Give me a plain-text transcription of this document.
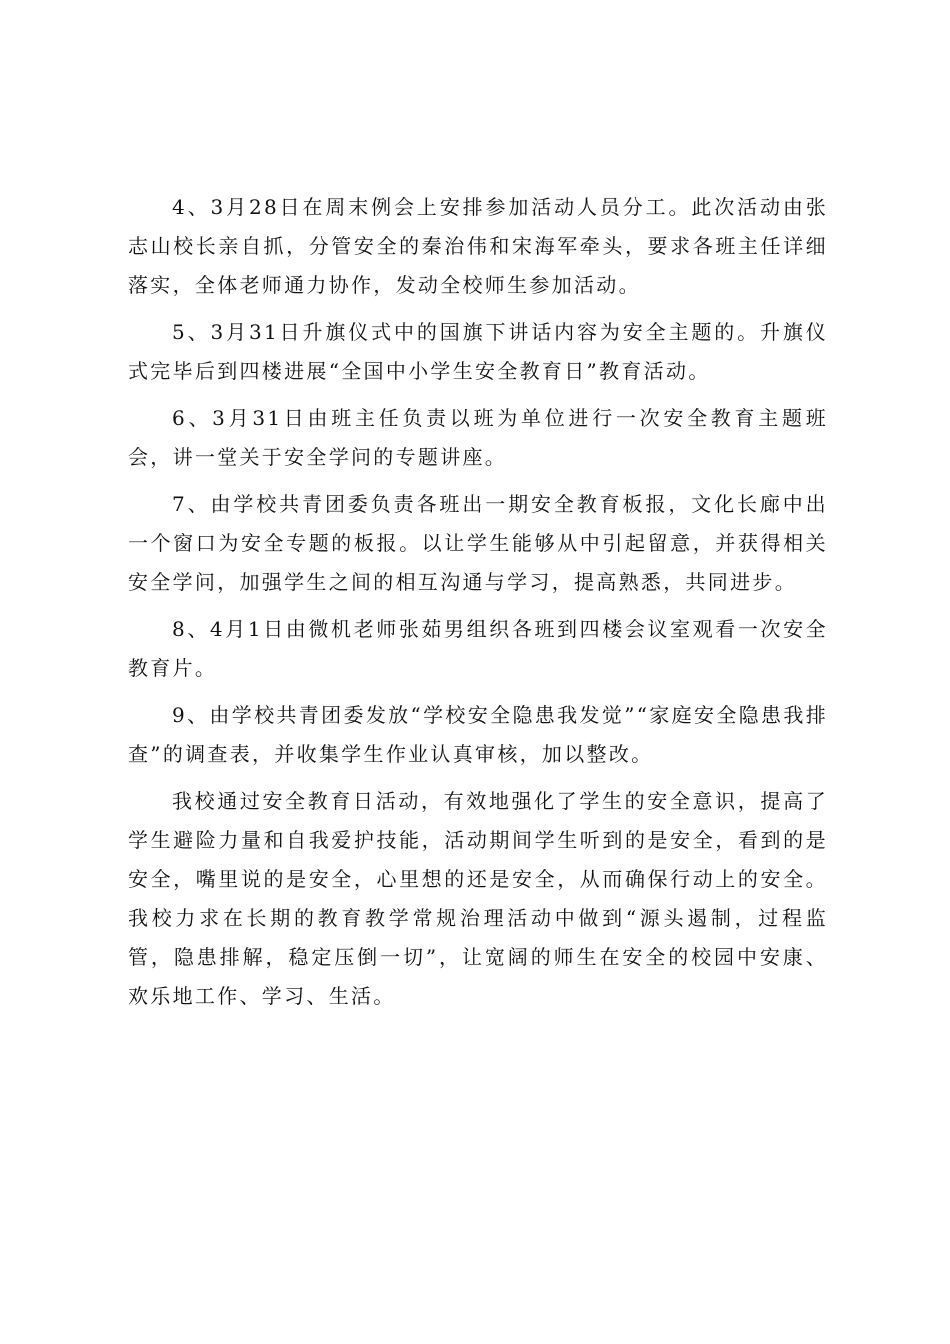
4、3月28日在周末例会上安排参加活动人员分工。此次活动由张志山校长亲自抓，分管安全的秦治伟和宋海军牵头，要求各班主任详细落实，全体老师通力协作，发动全校师生参加活动。

5、3月31日升旗仪式中的国旗下讲话内容为安全主题的。升旗仪式完毕后到四楼进展“全国中小学生安全教育日”教育活动。

6、3月31日由班主任负责以班为单位进行一次安全教育主题班会，讲一堂关于安全学问的专题讲座。

7、由学校共青团委负责各班出一期安全教育板报，文化长廊中出一个窗口为安全专题的板报。以让学生能够从中引起留意，并获得相关安全学问，加强学生之间的相互沟通与学习，提高熟悉，共同进步。

8、4月1日由微机老师张茹男组织各班到四楼会议室观看一次安全教育片。

9、由学校共青团委发放“学校安全隐患我发觉”“家庭安全隐患我排查”的调查表，并收集学生作业认真审核，加以整改。

我校通过安全教育日活动，有效地强化了学生的安全意识，提高了学生避险力量和自我爱护技能，活动期间学生听到的是安全，看到的是安全，嘴里说的是安全，心里想的还是安全，从而确保行动上的安全。我校力求在长期的教育教学常规治理活动中做到“源头遏制，过程监管，隐患排解，稳定压倒一切”，让宽阔的师生在安全的校园中安康、欢乐地工作、学习、生活。
